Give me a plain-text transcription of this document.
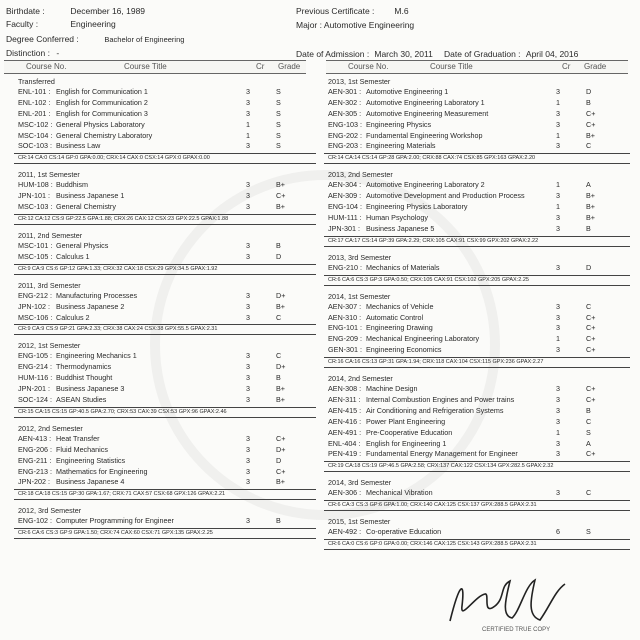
Birthdate :	December 16, 1989
Faculty :	Engineering
Degree Conferred :	Bachelor of Engineering
Distinction : -
Previous Certificate : M.6
Major : Automotive Engineering
Date of Admission : March 30, 2011 Date of Graduation : April 04, 2016
Course No.	Course Title	Cr Grade	Course No.	Course Title	Cr Grade
Transferred
ENL-101 : English for Communication 1	3	S
ENL-102 : English for Communication 2	3	S
ENL-201 : English for Communication 3	3	S
MSC-102 : General Physics Laboratory	1	S
MSC-104 : General Chemistry Laboratory	1	S
SOC-103 : Business Law	3	S
CR:14 CA:0 CS:14 GP:0 GPA:0.00; CRX:14 CAX:0 CSX:14 GPX:0 GPAX:0.00
2011, 1st Semester
HUM-108 : Buddhism	3	B+
JPN-101 : Business Japanese 1	3	C+
MSC-103 : General Chemistry	3	B+
CR:12 CA:12 CS:9 GP:22.5 GPA:1.88; CRX:26 CAX:12 CSX:23 GPX:22.5 GPAX:1.88
2011, 2nd Semester
MSC-101 : General Physics	3	B
MSC-105 : Calculus 1	3	D
CR:9 CA:9 CS:6 GP:12 GPA:1.33; CRX:32 CAX:18 CSX:29 GPX:34.5 GPAX:1.92
2011, 3rd Semester
ENG-212 : Manufacturing Processes	3	D+
JPN-102 : Business Japanese 2	3	B+
MSC-106 : Calculus 2	3	C
CR:9 CA:9 CS:9 GP:21 GPA:2.33; CRX:38 CAX:24 CSX:38 GPX:55.5 GPAX:2.31
2012, 1st Semester
ENG-105 : Engineering Mechanics 1	3	C
ENG-214 : Thermodynamics	3	D+
HUM-116 : Buddhist Thought	3	B
JPN-201 : Business Japanese 3	3	B+
SOC-124 : ASEAN Studies	3	B+
CR:15 CA:15 CS:15 GP:40.5 GPA:2.70; CRX:53 CAX:39 CSX:53 GPX:96 GPAX:2.46
2012, 2nd Semester
AEN-413 : Heat Transfer	3	C+
ENG-206 : Fluid Mechanics	3	D+
ENG-211 : Engineering Statistics	3	D
ENG-213 : Mathematics for Engineering	3	C+
JPN-202 : Business Japanese 4	3	B+
CR:18 CA:18 CS:15 GP:30 GPA:1.67; CRX:71 CAX:57 CSX:68 GPX:126 GPAX:2.21
2012, 3rd Semester
ENG-102 : Computer Programming for Engineer	3	B
CR:6 CA:6 CS:3 GP:9 GPA:1.50; CRX:74 CAX:60 CSX:71 GPX:135 GPAX:2.25
2013, 1st Semester
AEN-301 : Automotive Engineering 1	3	D
AEN-302 : Automotive Engineering Laboratory 1	1	B
AEN-305 : Automotive Engineering Measurement	3	C+
ENG-103 : Engineering Physics	3	C+
ENG-202 : Fundamental Engineering Workshop	1	B+
ENG-203 : Engineering Materials	3	C
CR:14 CA:14 CS:14 GP:28 GPA:2.00; CRX:88 CAX:74 CSX:85 GPX:163 GPAX:2.20
2013, 2nd Semester
AEN-304 : Automotive Engineering Laboratory 2	1	A
AEN-309 : Automotive Development and Production Process	3	B+
ENG-104 : Engineering Physics Laboratory	1	B+
HUM-111 : Human Psychology	3	B+
JPN-301 : Business Japanese 5	3	B
CR:17 CA:17 CS:14 GP:39 GPA:2.29; CRX:105 CAX:91 CSX:99 GPX:202 GPAX:2.22
2013, 3rd Semester
ENG-210 : Mechanics of Materials	3	D
CR:6 CA:6 CS:3 GP:3 GPA:0.50; CRX:105 CAX:91 CSX:102 GPX:205 GPAX:2.25
2014, 1st Semester
AEN-307 : Mechanics of Vehicle	3	C
AEN-310 : Automatic Control	3	C+
ENG-101 : Engineering Drawing	3	C+
ENG-209 : Mechanical Engineering Laboratory	1	C+
GEN-301 : Engineering Economics	3	C+
CR:16 CA:16 CS:13 GP:31 GPA:1.94; CRX:118 CAX:104 CSX:115 GPX:236 GPAX:2.27
2014, 2nd Semester
AEN-308 : Machine Design	3	C+
AEN-311 : Internal Combustion Engines and Power trains	3	C+
AEN-415 : Air Conditioning and Refrigeration Systems	3	B
AEN-416 : Power Plant Engineering	3	C
AEN-491 : Pre-Cooperative Education	1	S
ENL-404 : English for Engineering 1	3	A
PEN-419 : Fundamental Energy Management for Engineer	3	C+
CR:19 CA:18 CS:19 GP:46.5 GPA:2.58; CRX:137 CAX:122 CSX:134 GPX:282.5 GPAX:2.32
2014, 3rd Semester
AEN-306 : Mechanical Vibration	3	C
CR:6 CA:3 CS:3 GP:6 GPA:1.00; CRX:140 CAX:125 CSX:137 GPX:288.5 GPAX:2.31
2015, 1st Semester
AEN-492 : Co-operative Education	6	S
CR:6 CA:0 CS:6 GP:0 GPA:0.00; CRX:146 CAX:125 CSX:143 GPX:288.5 GPAX:2.31
CERTIFIED TRUE COPY
